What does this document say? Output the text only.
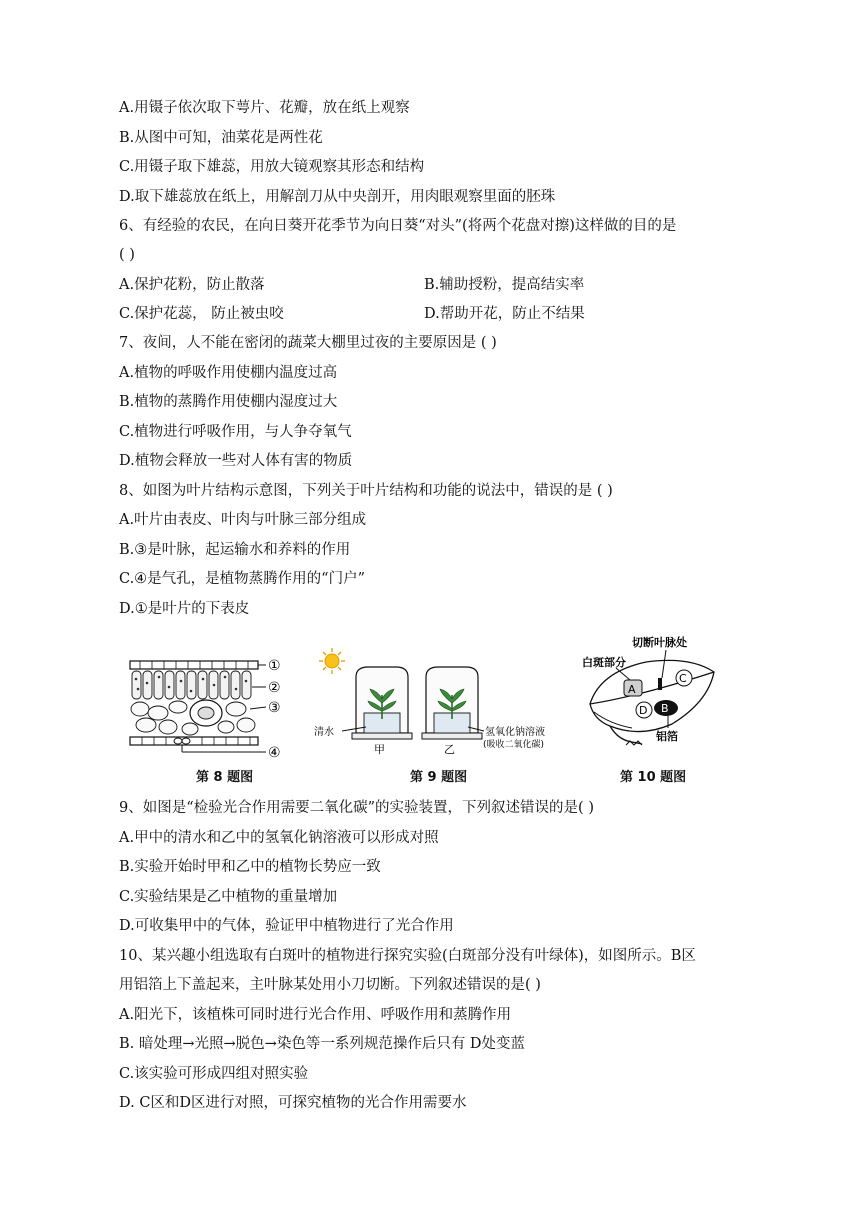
A.用镊子依次取下萼片、花瓣，放在纸上观察
B.从图中可知，油菜花是两性花
C.用镊子取下雄蕊，用放大镜观察其形态和结构
D.取下雄蕊放在纸上，用解剖刀从中央剖开，用肉眼观察里面的胚珠
6、有经验的农民，在向日葵开花季节为向日葵“对头”(将两个花盘对擦)这样做的目的是
( )
A.保护花粉，防止散落	B.辅助授粉，提高结实率
C.保护花蕊， 防止被虫咬	D.帮助开花，防止不结果
7、夜间，人不能在密闭的蔬菜大棚里过夜的主要原因是 ( )
A.植物的呼吸作用使棚内温度过高
B.植物的蒸腾作用使棚内湿度过大
C.植物进行呼吸作用，与人争夺氧气
D.植物会释放一些对人体有害的物质
8、如图为叶片结构示意图，下列关于叶片结构和功能的说法中，错误的是 ( )
A.叶片由表皮、叶肉与叶脉三部分组成
B.③是叶脉，起运输水和养料的作用
C.④是气孔，是植物蒸腾作用的“门户”
D.①是叶片的下表皮
①
②
③
④
清水
甲	乙
氢氧化钠溶液
(吸收二氧化碳)
A
C
D B
切断叶脉处
白斑部分
铝箔
第 8 题图	第 9 题图	第 10 题图
9、如图是“检验光合作用需要二氧化碳”的实验装置，下列叙述错误的是( )
A.甲中的清水和乙中的氢氧化钠溶液可以形成对照
B.实验开始时甲和乙中的植物长势应一致
C.实验结果是乙中植物的重量增加
D.可收集甲中的气体，验证甲中植物进行了光合作用
10、某兴趣小组选取有白斑叶的植物进行探究实验(白斑部分没有叶绿体)，如图所示。B区
用铝箔上下盖起来，主叶脉某处用小刀切断。下列叙述错误的是( )
A.阳光下，该植株可同时进行光合作用、呼吸作用和蒸腾作用
B. 暗处理→光照→脱色→染色等一系列规范操作后只有 D处变蓝
C.该实验可形成四组对照实验
D. C区和D区进行对照，可探究植物的光合作用需要水
